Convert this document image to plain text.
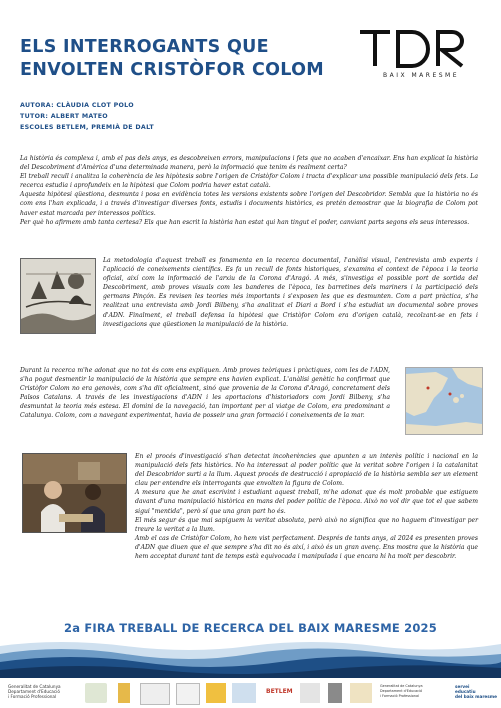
ELS INTERROGANTS QUE ENVOLTEN CRISTÒFOR COLOM	BAIX MARESME
AUTORA: CLÀUDIA CLOT POLO
TUTOR: ALBERT MATEO
ESCOLES BETLEM, PREMIÀ DE DALT

La història és complexa i, amb el pas dels anys, es descobreixen errors, manipulacions i fets que no acaben d'encaixar. Ens han explicat la història del Descobriment d'Amèrica d'una determinada manera, però la informació que tenim és realment certa?

El treball recull i analitza la coherència de les hipòtesis sobre l'origen de Cristòfor Colom i tracta d'explicar una possible manipulació dels fets. La recerca estudia i aprofundeix en la hipòtesi que Colom podria haver estat català.

Aquesta hipòtesi qüestiona, desmunta i posa en evidència totes les versions existents sobre l'origen del Descobridor. Sembla que la història no és com ens l'han explicada, i a través d'investigar diverses fonts, estudis i documents històrics, es pretén demostrar que la biografia de Colom pot haver estat marcada per interessos polítics.

Per què ho afirmem amb tanta certesa? Els que han escrit la història han estat qui han tingut el poder, canviant parts segons els seus interessos.

La metodologia d'aquest treball es fonamenta en la recerca documental, l'anàlisi visual, l'entrevista amb experts i l'aplicació de coneixements científics. Es fa un recull de fonts historiques, s'examina el context de l'època i la teoria oficial, així com la informació de l'arxiu de la Corona d'Aragó. A més, s'investiga el possible port de sortida del Descobriment, amb proves visuals com les banderes de l'època, les barretines dels mariners i la participació dels germans Pinçón. Es revisen les teories més importants i s'exposen les que es desmunten. Com a part pràctica, s'ha realitzat una entrevista amb Jordi Bilbeny, s'ha analitzat el Diari a Bord i s'ha estudiat un documental sobre proves d'ADN. Finalment, el treball defensa la hipòtesi que Cristòfor Colom era d'origen català, recolzant-se en fets i investigacions que qüestionen la manipulació de la història.
Durant la recerca m'he adonat que no tot és com ens expliquen. Amb proves teòriques i pràctiques, com les de l'ADN, s'ha pogut desmentir la manipulació de la història que sempre ens havien explicat. L'anàlisi genètic ha confirmat que Cristòfor Colom no era genovès, com s'ha dit oficialment, sinó que provenia de la Corona d'Aragó, concretament dels Països Catalans. A través de les investigacions d'ADN i les aportacions d'historiadors com Jordi Bilbeny, s'ha desmuntat la teoria més estesa. El domini de la navegació, tan important per al viatge de Colom, era predominant a Catalunya. Colom, com a navegant experimentat, havia de posseir una gran formació i coneixements de la mar.

En el procés d'investigació s'han detectat incoherències que apunten a un interès polític i nacional en la manipulació dels fets històrics. No ha interessat al poder polític que la veritat sobre l'origen i la catalanitat del Descobridor surti a la llum. Aquest procés de destrucció i apropiació de la història sembla ser un element clau per entendre els interrogants que envolten la figura de Colom.

A mesura que he anat escrivint i estudiant aquest treball, m'he adonat que és molt probable que estiguem davant d'una manipulació històrica en mans del poder polític de l'època. Això no vol dir que tot el que sabem sigui "mentida", però sí que una gran part ho és.

El més segur és que mai sapiguem la veritat absoluta, però això no significa que no haguem d'investigar per treure la veritat a la llum.

Amb el cas de Cristòfor Colom, ho hem vist perfectament. Després de tants anys, al 2024 es presenten proves d'ADN que diuen que el que sempre s'ha dit no és així, i això és un gran avenç. Ens mostra que la història que hem acceptat durant tant de temps està equivocada i manipulada i que encara hi ha molt per descobrir.

2a FIRA TREBALL DE RECERCA DEL BAIX MARESME 2025
Generalitat de Catalunya
Departament d'Educació
i Formació Professional
BETLEM
Generalitat de Catalunya
Departament d'Educació
i Formació Professional
servei
educatiu
del baix maresme
